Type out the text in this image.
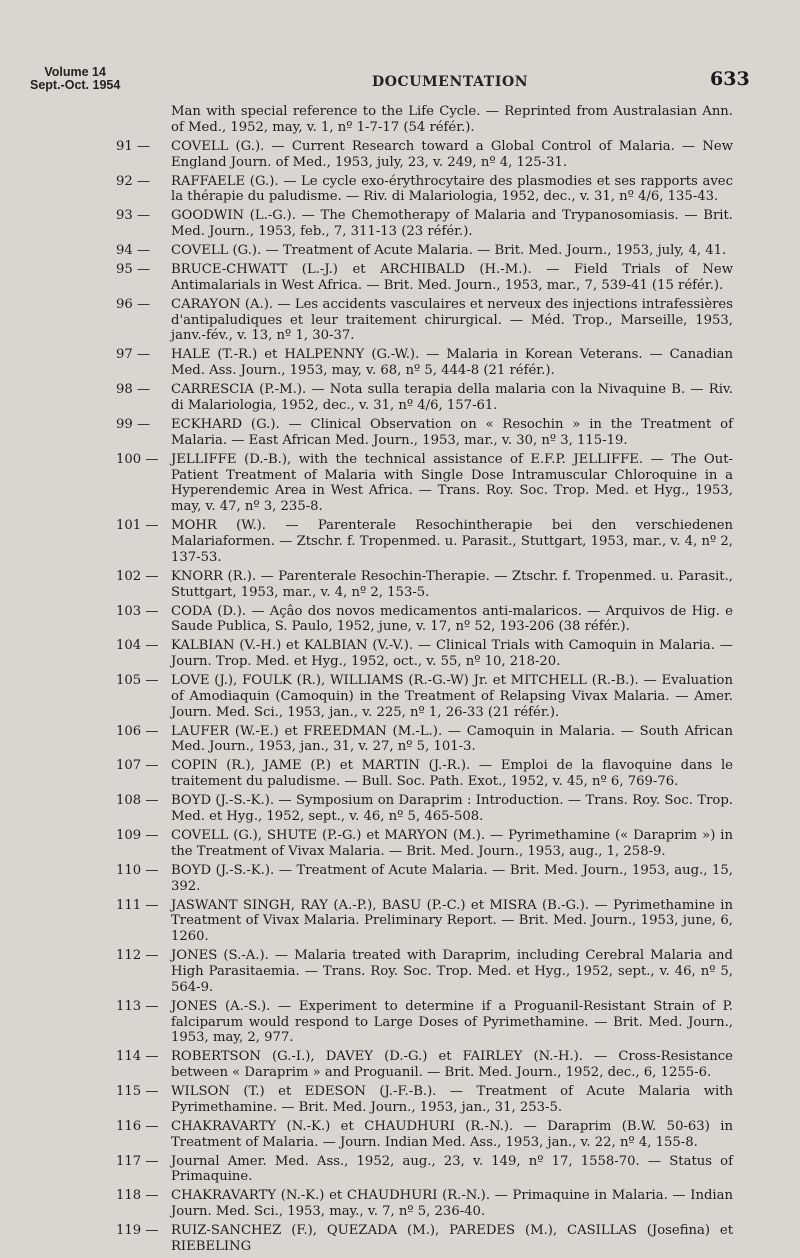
Volume 14
Sept.-Oct. 1954	DOCUMENTATION	633
Man with special reference to the Life Cycle. — Reprinted from Australasian Ann. of Med., 1952, may, v. 1, nº 1-7-17 (54 référ.).
91 —	COVELL (G.). — Current Research toward a Global Control of Malaria. — New England Journ. of Med., 1953, july, 23, v. 249, nº 4, 125-31.
92 —	RAFFAELE (G.). — Le cycle exo-érythrocytaire des plasmodies et ses rapports avec la thérapie du paludisme. — Riv. di Malariologia, 1952, dec., v. 31, nº 4/6, 135-43.
93 —	GOODWIN (L.-G.). — The Chemotherapy of Malaria and Trypanosomiasis. — Brit. Med. Journ., 1953, feb., 7, 311-13 (23 référ.).
94 —	COVELL (G.). — Treatment of Acute Malaria. — Brit. Med. Journ., 1953, july, 4, 41.
95 —	BRUCE-CHWATT (L.-J.) et ARCHIBALD (H.-M.). — Field Trials of New Antimalarials in West Africa. — Brit. Med. Journ., 1953, mar., 7, 539-41 (15 référ.).
96 —	CARAYON (A.). — Les accidents vasculaires et nerveux des injections intrafessières d'antipaludiques et leur traitement chirurgical. — Méd. Trop., Marseille, 1953, janv.-fév., v. 13, nº 1, 30-37.
97 —	HALE (T.-R.) et HALPENNY (G.-W.). — Malaria in Korean Veterans. — Canadian Med. Ass. Journ., 1953, may, v. 68, nº 5, 444-8 (21 référ.).
98 —	CARRESCIA (P.-M.). — Nota sulla terapia della malaria con la Nivaquine B. — Riv. di Malariologia, 1952, dec., v. 31, nº 4/6, 157-61.
99 —	ECKHARD (G.). — Clinical Observation on « Resochin » in the Treatment of Malaria. — East African Med. Journ., 1953, mar., v. 30, nº 3, 115-19.
100 — JELLIFFE (D.-B.), with the technical assistance of E.F.P. JELLIFFE. — The Out-Patient Treatment of Malaria with Single Dose Intramuscular Chloroquine in a Hyperendemic Area in West Africa. — Trans. Roy. Soc. Trop. Med. et Hyg., 1953, may, v. 47, nº 3, 235-8.
101 — MOHR (W.). — Parenterale Resochintherapie bei den verschiedenen Malariaformen. — Ztschr. f. Tropenmed. u. Parasit., Stuttgart, 1953, mar., v. 4, nº 2, 137-53.
102 — KNORR (R.). — Parenterale Resochin-Therapie. — Ztschr. f. Tropenmed. u. Parasit., Stuttgart, 1953, mar., v. 4, nº 2, 153-5.
103 — CODA (D.). — Açâo dos novos medicamentos anti-malaricos. — Arquivos de Hig. e Saude Publica, S. Paulo, 1952, june, v. 17, nº 52, 193-206 (38 référ.).
104 — KALBIAN (V.-H.) et KALBIAN (V.-V.). — Clinical Trials with Camoquin in Malaria. — Journ. Trop. Med. et Hyg., 1952, oct., v. 55, nº 10, 218-20.
105 — LOVE (J.), FOULK (R.), WILLIAMS (R.-G.-W) Jr. et MITCHELL (R.-B.). — Evaluation of Amodiaquin (Camoquin) in the Treatment of Relapsing Vivax Malaria. — Amer. Journ. Med. Sci., 1953, jan., v. 225, nº 1, 26-33 (21 référ.).
106 — LAUFER (W.-E.) et FREEDMAN (M.-L.). — Camoquin in Malaria. — South African Med. Journ., 1953, jan., 31, v. 27, nº 5, 101-3.
107 — COPIN (R.), JAME (P.) et MARTIN (J.-R.). — Emploi de la flavoquine dans le traitement du paludisme. — Bull. Soc. Path. Exot., 1952, v. 45, nº 6, 769-76.
108 — BOYD (J.-S.-K.). — Symposium on Daraprim : Introduction. — Trans. Roy. Soc. Trop. Med. et Hyg., 1952, sept., v. 46, nº 5, 465-508.
109 — COVELL (G.), SHUTE (P.-G.) et MARYON (M.). — Pyrimethamine (« Daraprim ») in the Treatment of Vivax Malaria. — Brit. Med. Journ., 1953, aug., 1, 258-9.
110 — BOYD (J.-S.-K.). — Treatment of Acute Malaria. — Brit. Med. Journ., 1953, aug., 15, 392.
111 — JASWANT SINGH, RAY (A.-P.), BASU (P.-C.) et MISRA (B.-G.). — Pyrimethamine in Treatment of Vivax Malaria. Preliminary Report. — Brit. Med. Journ., 1953, june, 6, 1260.
112 — JONES (S.-A.). — Malaria treated with Daraprim, including Cerebral Malaria and High Parasitaemia. — Trans. Roy. Soc. Trop. Med. et Hyg., 1952, sept., v. 46, nº 5, 564-9.
113 — JONES (A.-S.). — Experiment to determine if a Proguanil-Resistant Strain of P. falciparum would respond to Large Doses of Pyrimethamine. — Brit. Med. Journ., 1953, may, 2, 977.
114 — ROBERTSON (G.-I.), DAVEY (D.-G.) et FAIRLEY (N.-H.). — Cross-Resistance between « Daraprim » and Proguanil. — Brit. Med. Journ., 1952, dec., 6, 1255-6.
115 — WILSON (T.) et EDESON (J.-F.-B.). — Treatment of Acute Malaria with Pyrimethamine. — Brit. Med. Journ., 1953, jan., 31, 253-5.
116 — CHAKRAVARTY (N.-K.) et CHAUDHURI (R.-N.). — Daraprim (B.W. 50-63) in Treatment of Malaria. — Journ. Indian Med. Ass., 1953, jan., v. 22, nº 4, 155-8.
117 — Journal Amer. Med. Ass., 1952, aug., 23, v. 149, nº 17, 1558-70. — Status of Primaquine.
118 — CHAKRAVARTY (N.-K.) et CHAUDHURI (R.-N.). — Primaquine in Malaria. — Indian Journ. Med. Sci., 1953, may., v. 7, nº 5, 236-40.
119 — RUIZ-SANCHEZ (F.), QUEZADA (M.), PAREDES (M.), CASILLAS (Josefina) et RIEBELING
